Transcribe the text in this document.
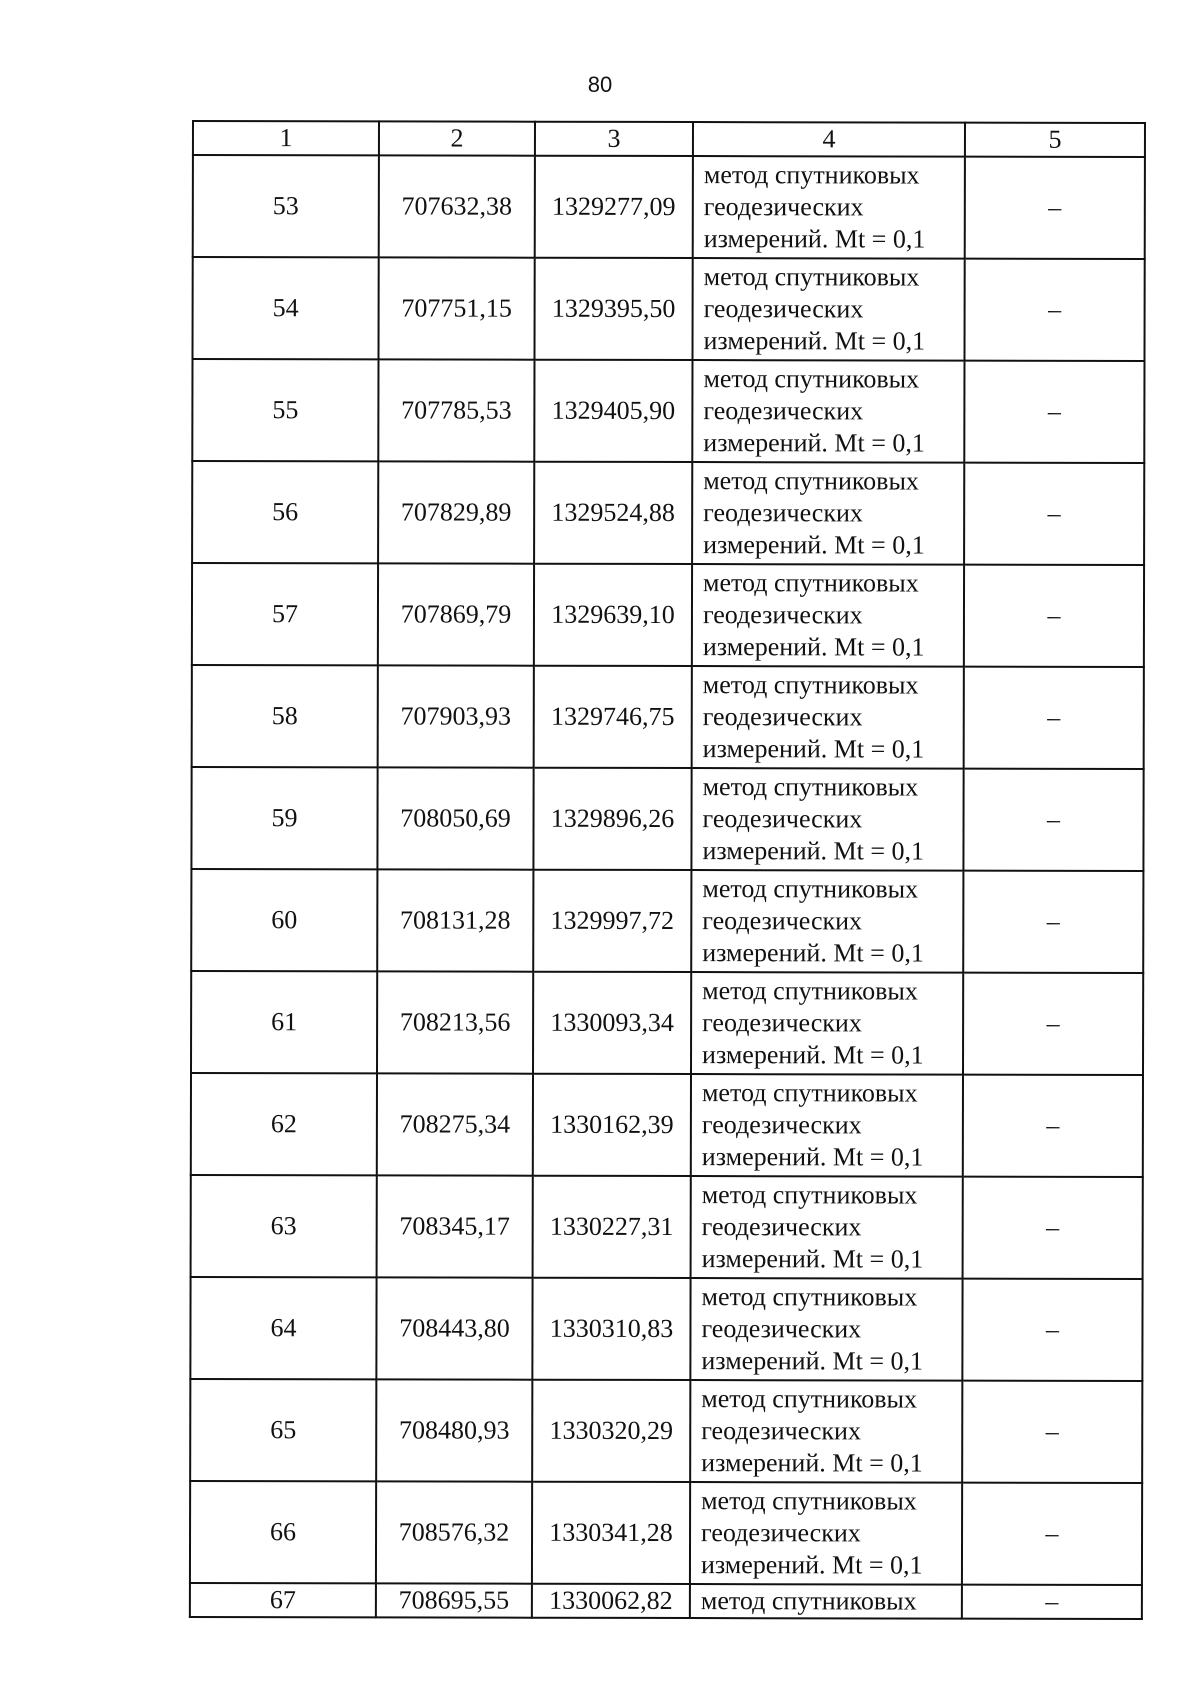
80
1	2	3	4	5
53	707632,38	1329277,09	метод спутниковых
геодезических
измерений. Mt = 0,1	–
54	707751,15	1329395,50	метод спутниковых
геодезических
измерений. Mt = 0,1	–
55	707785,53	1329405,90	метод спутниковых
геодезических
измерений. Mt = 0,1	–
56	707829,89	1329524,88	метод спутниковых
геодезических
измерений. Mt = 0,1	–
57	707869,79	1329639,10	метод спутниковых
геодезических
измерений. Mt = 0,1	–
58	707903,93	1329746,75	метод спутниковых
геодезических
измерений. Mt = 0,1	–
59	708050,69	1329896,26	метод спутниковых
геодезических
измерений. Mt = 0,1	–
60	708131,28	1329997,72	метод спутниковых
геодезических
измерений. Mt = 0,1	–
61	708213,56	1330093,34	метод спутниковых
геодезических
измерений. Mt = 0,1	–
62	708275,34	1330162,39	метод спутниковых
геодезических
измерений. Mt = 0,1	–
63	708345,17	1330227,31	метод спутниковых
геодезических
измерений. Mt = 0,1	–
64	708443,80	1330310,83	метод спутниковых
геодезических
измерений. Mt = 0,1	–
65	708480,93	1330320,29	метод спутниковых
геодезических
измерений. Mt = 0,1	–
66	708576,32	1330341,28	метод спутниковых
геодезических
измерений. Mt = 0,1	–
67	708695,55	1330062,82	метод спутниковых	–
